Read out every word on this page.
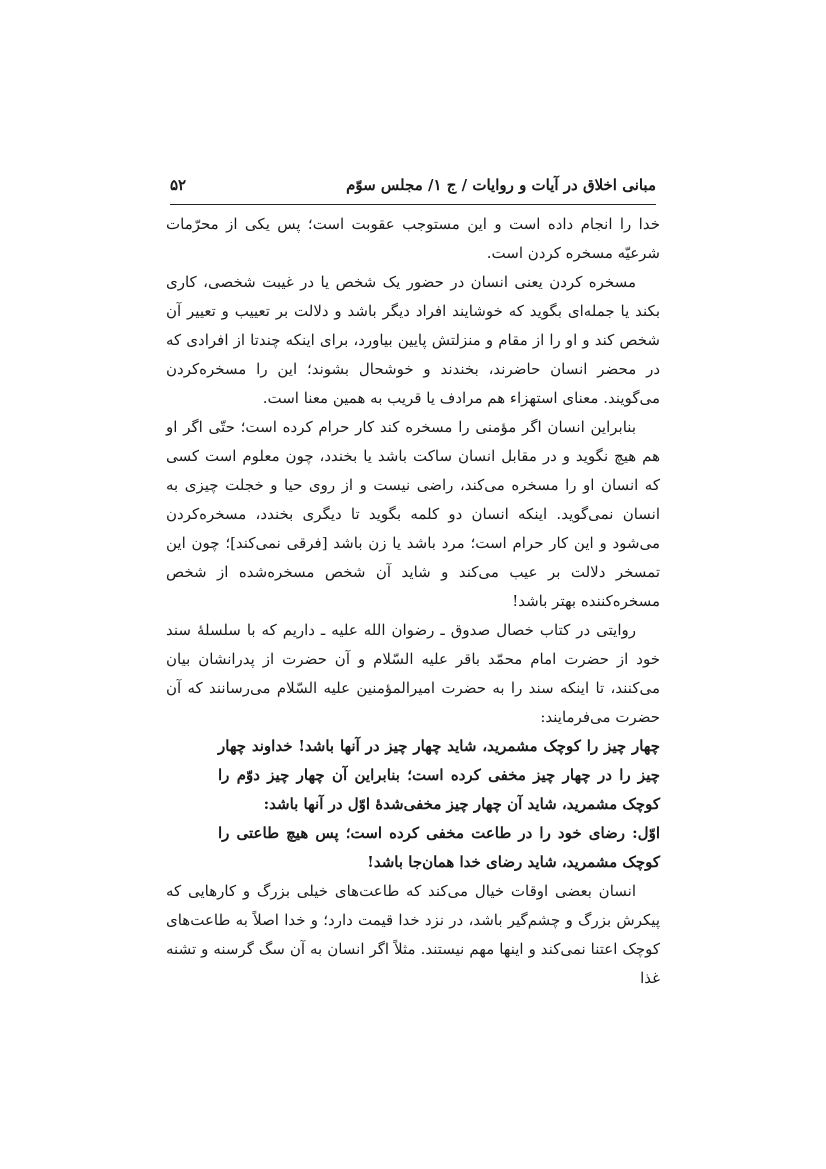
مبانی اخلاق در آیات و روایات / ج ۱/ مجلس سوّم
۵۲

خدا را انجام داده است و این مستوجب عقوبت است؛ پس یکی از محرّمات شرعیّه مسخره کردن است.

مسخره کردن یعنی انسان در حضور یک شخص یا در غیبت شخصی، کاری بکند یا جمله‌ای بگوید که خوشایند افراد دیگر باشد و دلالت بر تعییب و تعییر آن شخص کند و او را از مقام و منزلتش پایین بیاورد، برای اینکه چندتا از افرادی که در محضر انسان حاضرند، بخندند و خوشحال بشوند؛ این را مسخره‌کردن می‌گویند. معنای استهزاء هم مرادف یا قریب به همین معنا است.

بنابراین انسان اگر مؤمنی را مسخره کند کار حرام کرده است؛ حتّی اگر او هم هیچ نگوید و در مقابل انسان ساکت باشد یا بخندد، چون معلوم است کسی که انسان او را مسخره می‌کند، راضی نیست و از روی حیا و خجلت چیزی به انسان نمی‌گوید. اینکه انسان دو کلمه بگوید تا دیگری بخندد، مسخره‌کردن می‌شود و این کار حرام است؛ مرد باشد یا زن باشد [فرقی نمی‌کند]؛ چون این تمسخر دلالت بر عیب می‌کند و شاید آن شخص مسخره‌شده از شخص مسخره‌کننده بهتر باشد!

روایتی در کتاب خصال صدوق ـ رضوان الله علیه ـ داریم که با سلسلهٔ سند خود از حضرت امام محمّد باقر علیه السّلام و آن حضرت از پدرانشان بیان می‌کنند، تا اینکه سند را به حضرت امیرالمؤمنین علیه السّلام می‌رسانند که آن حضرت می‌فرمایند:

چهار چیز را کوچک مشمرید، شاید چهار چیز در آنها باشد! خداوند چهار چیز را در چهار چیز مخفی کرده است؛ بنابراین آن چهار چیز دوّم را کوچک مشمرید، شاید آن چهار چیز مخفی‌شدهٔ اوّل در آنها باشد:

اوّل: رضای خود را در طاعت مخفی کرده است؛ پس هیچ طاعتی را کوچک مشمرید، شاید رضای خدا همان‌جا باشد!

انسان بعضی اوقات خیال می‌کند که طاعت‌های خیلی بزرگ و کارهایی که پیکرش بزرگ و چشم‌گیر باشد، در نزد خدا قیمت دارد؛ و خدا اصلاً به طاعت‌های کوچک اعتنا نمی‌کند و اینها مهم نیستند. مثلاً اگر انسان به آن سگ گرسنه و تشنه غذا
